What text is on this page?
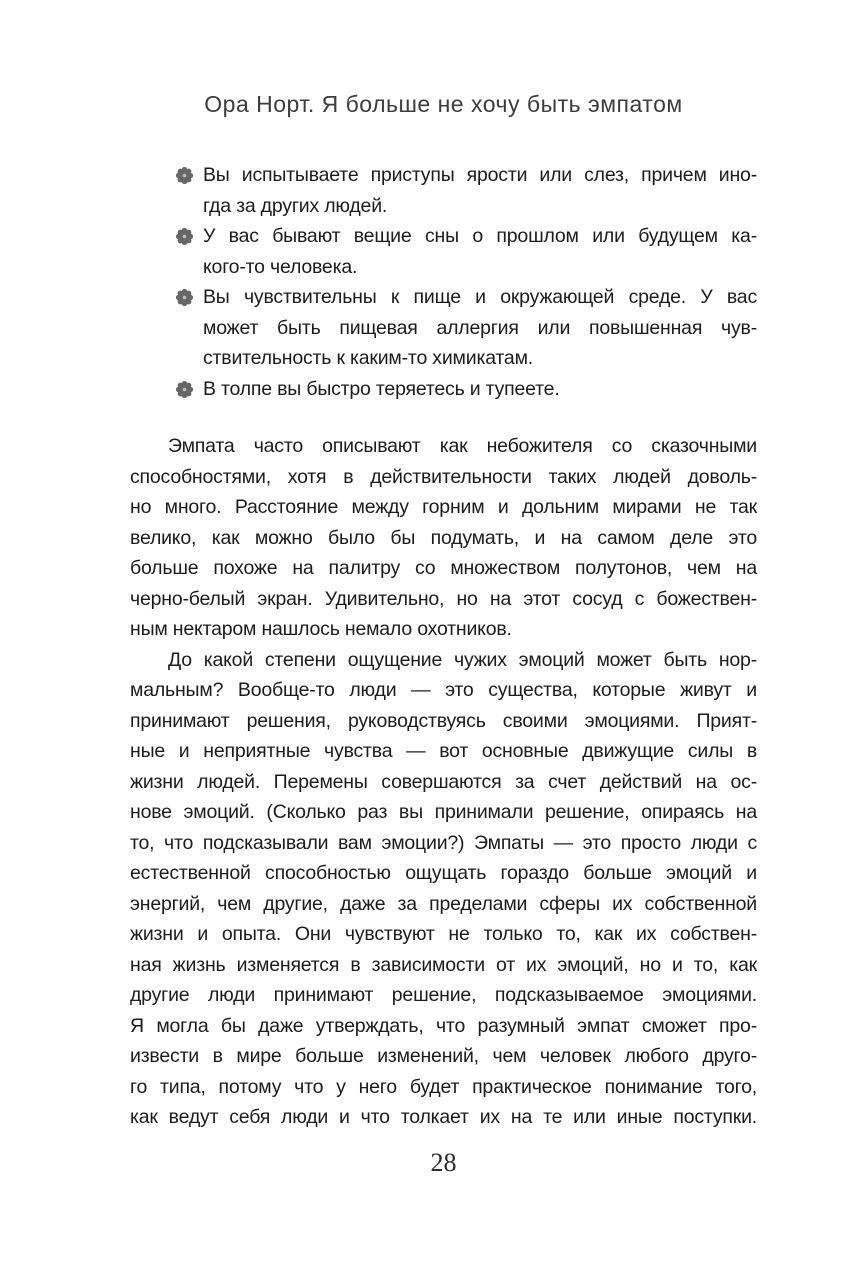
Ора Норт. Я больше не хочу быть эмпатом
Вы испытываете приступы ярости или слез, причем ино-
гда за других людей.
У вас бывают вещие сны о прошлом или будущем ка-
кого-то человека.
Вы чувствительны к пище и окружающей среде. У вас
может быть пищевая аллергия или повышенная чув-
ствительность к каким-то химикатам.
В толпе вы быстро теряетесь и тупеете.
Эмпата часто описывают как небожителя со сказочными
способностями, хотя в действительности таких людей доволь-
но много. Расстояние между горним и дольним мирами не так
велико, как можно было бы подумать, и на самом деле это
больше похоже на палитру со множеством полутонов, чем на
черно-белый экран. Удивительно, но на этот сосуд с божествен-
ным нектаром нашлось немало охотников.
До какой степени ощущение чужих эмоций может быть нор-
мальным? Вообще-то люди — это существа, которые живут и
принимают решения, руководствуясь своими эмоциями. Прият-
ные и неприятные чувства — вот основные движущие силы в
жизни людей. Перемены совершаются за счет действий на ос-
нове эмоций. (Сколько раз вы принимали решение, опираясь на
то, что подсказывали вам эмоции?) Эмпаты — это просто люди с
естественной способностью ощущать гораздо больше эмоций и
энергий, чем другие, даже за пределами сферы их собственной
жизни и опыта. Они чувствуют не только то, как их собствен-
ная жизнь изменяется в зависимости от их эмоций, но и то, как
другие люди принимают решение, подсказываемое эмоциями.
Я могла бы даже утверждать, что разумный эмпат сможет про-
извести в мире больше изменений, чем человек любого друго-
го типа, потому что у него будет практическое понимание того,
как ведут себя люди и что толкает их на те или иные поступки.
28
